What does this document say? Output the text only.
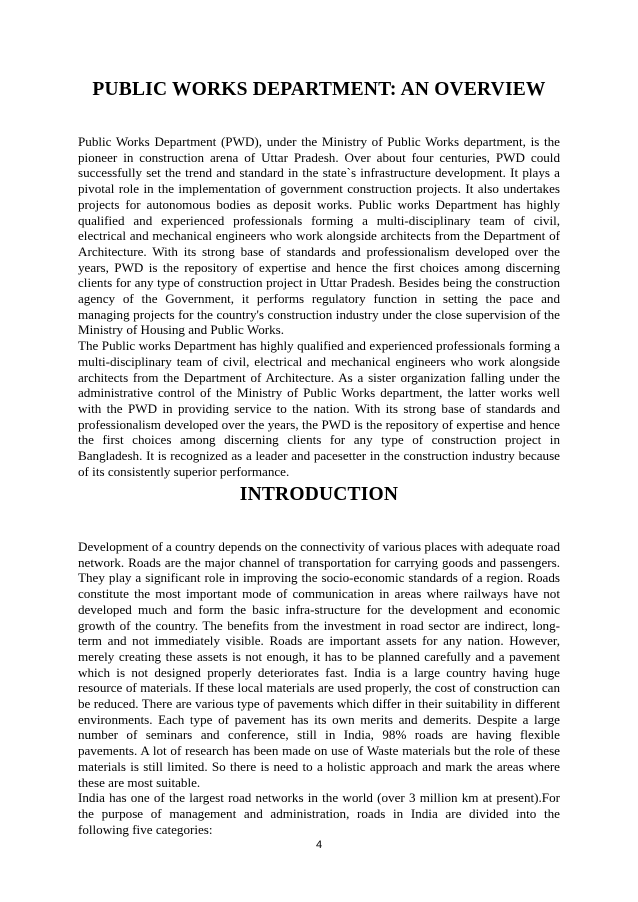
PUBLIC WORKS DEPARTMENT: AN OVERVIEW

Public Works Department (PWD), under the Ministry of Public Works department, is the pioneer in construction arena of Uttar Pradesh. Over about four centuries, PWD could successfully set the trend and standard in the state`s infrastructure development. It plays a pivotal role in the implementation of government construction projects. It also undertakes projects for autonomous bodies as deposit works. Public works Department has highly qualified and experienced professionals forming a multi-disciplinary team of civil, electrical and mechanical engineers who work alongside architects from the Department of Architecture. With its strong base of standards and professionalism developed over the years, PWD is the repository of expertise and hence the first choices among discerning clients for any type of construction project in Uttar Pradesh. Besides being the construction agency of the Government, it performs regulatory function in setting the pace and managing projects for the country's construction industry under the close supervision of the Ministry of Housing and Public Works.

The Public works Department has highly qualified and experienced professionals forming a multi-disciplinary team of civil, electrical and mechanical engineers who work alongside architects from the Department of Architecture. As a sister organization falling under the administrative control of the Ministry of Public Works department, the latter works well with the PWD in providing service to the nation. With its strong base of standards and professionalism developed over the years, the PWD is the repository of expertise and hence the first choices among discerning clients for any type of construction project in Bangladesh. It is recognized as a leader and pacesetter in the construction industry because of its consistently superior performance.

INTRODUCTION

Development of a country depends on the connectivity of various places with adequate road network. Roads are the major channel of transportation for carrying goods and passengers. They play a significant role in improving the socio-economic standards of a region. Roads constitute the most important mode of communication in areas where railways have not developed much and form the basic infra-structure for the development and economic growth of the country. The benefits from the investment in road sector are indirect, long-term and not immediately visible. Roads are important assets for any nation. However, merely creating these assets is not enough, it has to be planned carefully and a pavement which is not designed properly deteriorates fast. India is a large country having huge resource of materials. If these local materials are used properly, the cost of construction can be reduced. There are various type of pavements which differ in their suitability in different environments. Each type of pavement has its own merits and demerits. Despite a large number of seminars and conference, still in India, 98% roads are having flexible pavements. A lot of research has been made on use of Waste materials but the role of these materials is still limited. So there is need to a holistic approach and mark the areas where these are most suitable.

India has one of the largest road networks in the world (over 3 million km at present).For the purpose of management and administration, roads in India are divided into the following five categories:

4
